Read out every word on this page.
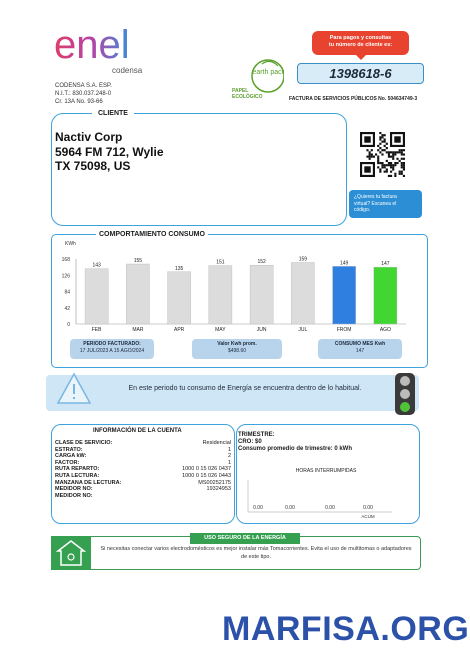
enel
codensa
CODENSA S.A. ESP.
N.I.T.: 830.037.248-0
Cr. 13A No. 93-66
earth pact
PAPEL
ECOLÓGICO
Para pagos y consultas
tu número de cliente es:
1398618-6
FACTURA DE SERVICIOS PÚBLICOS No. 504634749-3
CLIENTE
Nactiv Corp
5964 FM 712, Wylie
TX 75098, US
¿Quieres tu factura
virtual? Escanea el
código.
COMPORTAMIENTO CONSUMO
KWh
0
42
84
126
168
143
FEB
155
MAR
135
APR
151
MAY
152
JUN
159
JUL
149
FROM
147
AGO
PERIODO FACTURADO:
17 JUL/2023 A 15 AGO/2024
Valor Kwh prom.
$498.60
CONSUMO MES Kwh
147
En este periodo tu consumo de Energía se encuentra dentro de lo habitual.
INFORMACIÓN DE LA CUENTA
CLASE DE SERVICIO:	Residencial
ESTRATO:	1
CARGA kW:	2
FACTOR:	1
RUTA REPARTO:	1000 0 15 026 0437
RUTA LECTURA:	1000 0 15 026 0443
MANZANA DE LECTURA:	MS00252175
MEDIDOR NO:	19324953
MEDIDOR NO:
TRIMESTRE:
CRO: $0
Consumo promedio de trimestre: 0 kWh
HORAS INTERRUMPIDAS
0.00	0.00	0.00	0.00
ACUM
USO SEGURO DE LA ENERGÍA
Si necesitas conectar varios electrodomésticos es mejor instalar más Tomacorrientes. Evita el uso de multitomas o adaptadores de este tipo.
MARFISA.ORG
